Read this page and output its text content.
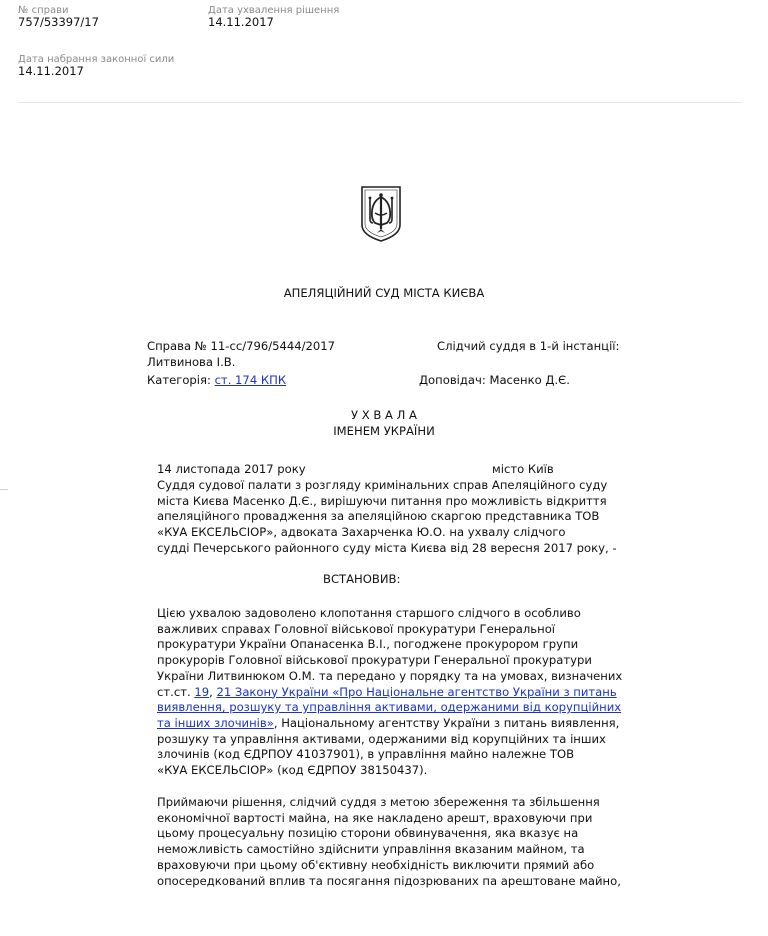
№ справи
757/53397/17
Дата ухвалення рішення
14.11.2017
Дата набрання законної сили
14.11.2017
АПЕЛЯЦІЙНИЙ СУД МІСТА КИЄВА
Справа № 11-сс/796/5444/2017	Слідчий суддя в 1-й інстанції:
Литвинова І.В.
Категорія: ст. 174 КПК	Доповідач: Масенко Д.Є.
У Х В А Л А
ІМЕНЕМ УКРАЇНИ
14 листопада 2017 року	місто Київ
Суддя судової палати з розгляду кримінальних справ Апеляційного суду
міста Києва Масенко Д.Є., вирішуючи питання про можливість відкриття
апеляційного провадження за апеляційною скаргою представника ТОВ
«КУА ЕКСЕЛЬСІОР», адвоката Захарченка Ю.О. на ухвалу слідчого
судді Печерського районного суду міста Києва від 28 вересня 2017 року, -
ВСТАНОВИВ:
Цією ухвалою задоволено клопотання старшого слідчого в особливо
важливих справах Головної військової прокуратури Генеральної
прокуратури України Опанасенка В.І., погоджене прокурором групи
прокурорів Головної військової прокуратури Генеральної прокуратури
України Литвинюком О.М. та передано у порядку та на умовах, визначених
ст.ст. 19, 21 Закону України «Про Національне агентство України з питань
виявлення, розшуку та управління активами, одержаними від корупційних
та інших злочинів», Національному агентству України з питань виявлення,
розшуку та управління активами, одержаними від корупційних та інших
злочинів (код ЄДРПОУ 41037901), в управління майно належне ТОВ
«КУА ЕКСЕЛЬСІОР» (код ЄДРПОУ 38150437).
Приймаючи рішення, слідчий суддя з метою збереження та збільшення
економічної вартості майна, на яке накладено арешт, враховуючи при
цьому процесуальну позицію сторони обвинувачення, яка вказує на
неможливість самостійно здійснити управління вказаним майном, та
враховуючи при цьому об'єктивну необхідність виключити прямий або
опосередкований вплив та посягання підозрюваних па арештоване майно,
